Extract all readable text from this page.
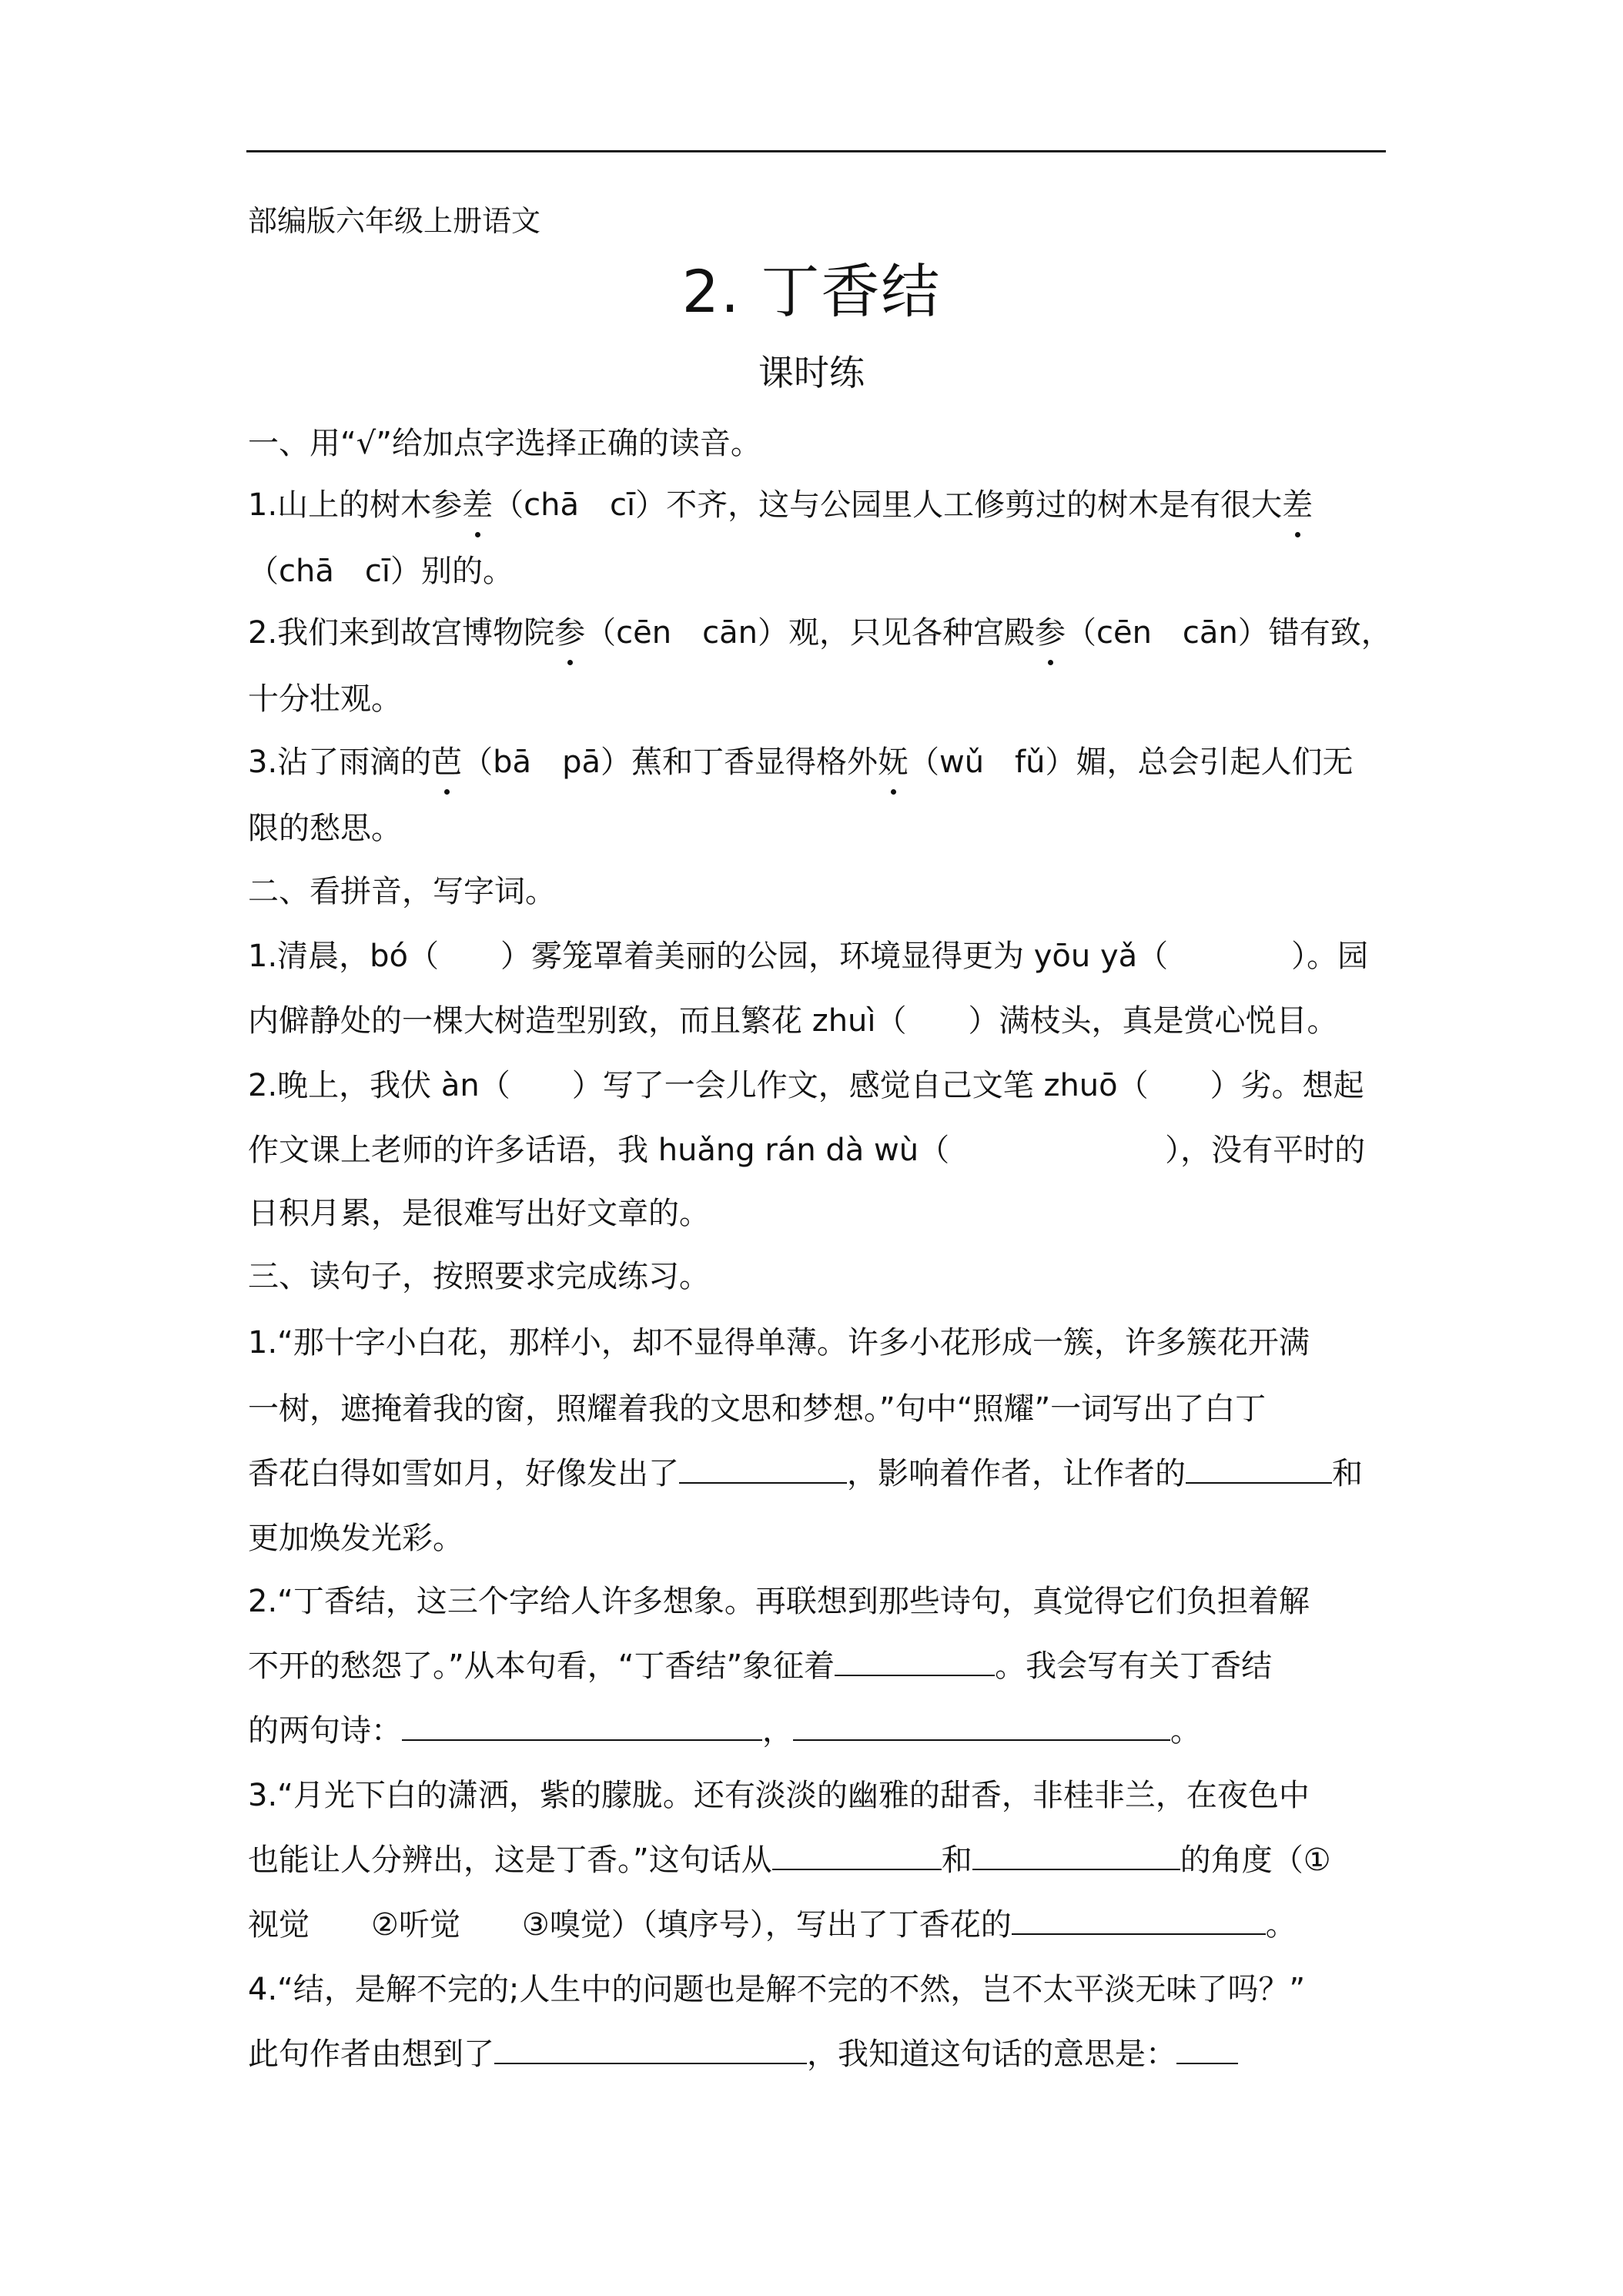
部编版六年级上册语文
2. 丁香结
课时练
一、用“√”给加点字选择正确的读音。
1.山上的树木参差（chā　cī）不齐，这与公园里人工修剪过的树木是有很大差
（chā　cī）别的。
2.我们来到故宫博物院参（cēn　cān）观，只见各种宫殿参（cēn　cān）错有致，
十分壮观。
3.沾了雨滴的芭（bā　pā）蕉和丁香显得格外妩（wǔ　fǔ）媚，总会引起人们无
限的愁思。
二、看拼音，写字词。
1.清晨，bó（　　）雾笼罩着美丽的公园，环境显得更为 yōu yǎ（　　　　）。园
内僻静处的一棵大树造型别致，而且繁花 zhuì（　　）满枝头，真是赏心悦目。
2.晚上，我伏 àn（　　）写了一会儿作文，感觉自己文笔 zhuō（　　）劣。想起
作文课上老师的许多话语，我 huǎng rán dà wù（　　　　　　　），没有平时的
日积月累，是很难写出好文章的。
三、读句子，按照要求完成练习。
1.“那十字小白花，那样小，却不显得单薄。许多小花形成一簇，许多簇花开满
一树，遮掩着我的窗，照耀着我的文思和梦想。”句中“照耀”一词写出了白丁
香花白得如雪如月，好像发出了	，影响着作者，让作者的	和
更加焕发光彩。
2.“丁香结，这三个字给人许多想象。再联想到那些诗句，真觉得它们负担着解
不开的愁怨了。”从本句看，“丁香结”象征着	。我会写有关丁香结
的两句诗：	，	。
3.“月光下白的潇洒，紫的朦胧。还有淡淡的幽雅的甜香，非桂非兰，在夜色中
也能让人分辨出，这是丁香。”这句话从	和	的角度（①
视觉　　②听觉　　③嗅觉）（填序号），写出了丁香花的	。
4.“结，是解不完的;人生中的问题也是解不完的不然，岂不太平淡无味了吗？”
此句作者由想到了	，我知道这句话的意思是：
